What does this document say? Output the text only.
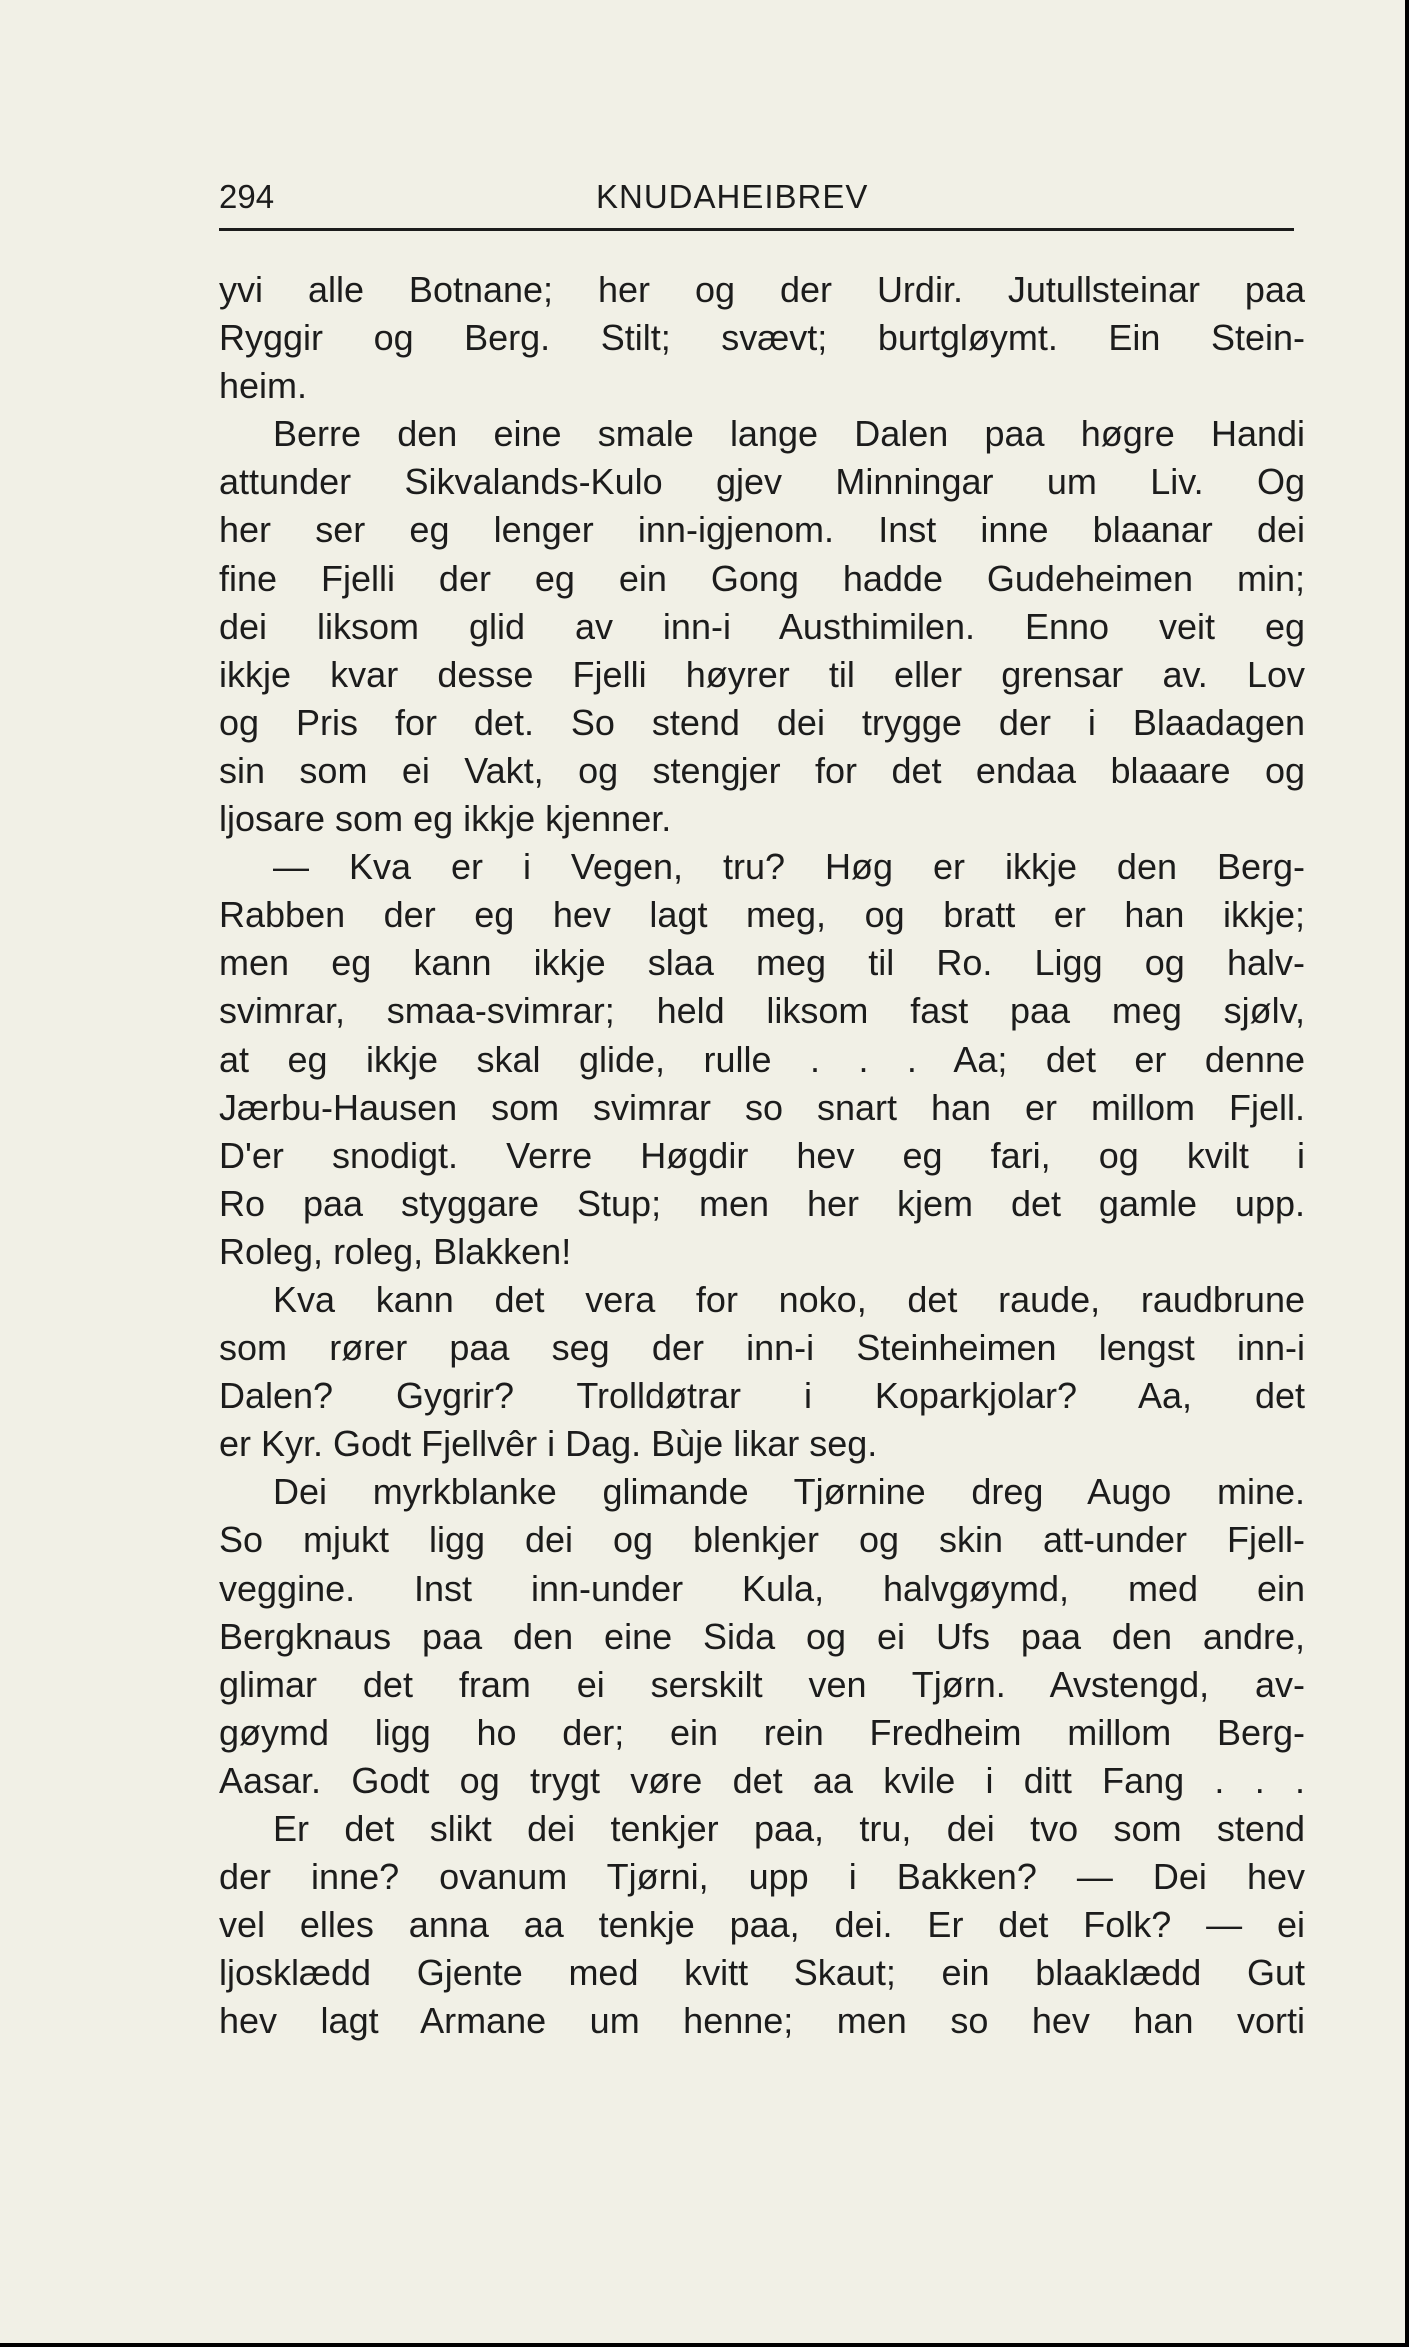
294	KNUDAHEIBREV
yvi alle Botnane; her og der Urdir. Jutullsteinar paa
Ryggir og Berg. Stilt; svævt; burtgløymt. Ein Stein-
heim.
Berre den eine smale lange Dalen paa høgre Handi
attunder Sikvalands-Kulo gjev Minningar um Liv. Og
her ser eg lenger inn-igjenom. Inst inne blaanar dei
fine Fjelli der eg ein Gong hadde Gudeheimen min;
dei liksom glid av inn-i Austhimilen. Enno veit eg
ikkje kvar desse Fjelli høyrer til eller grensar av. Lov
og Pris for det. So stend dei trygge der i Blaadagen
sin som ei Vakt, og stengjer for det endaa blaaare og
ljosare som eg ikkje kjenner.
— Kva er i Vegen, tru? Høg er ikkje den Berg-
Rabben der eg hev lagt meg, og bratt er han ikkje;
men eg kann ikkje slaa meg til Ro. Ligg og halv-
svimrar, smaa-svimrar; held liksom fast paa meg sjølv,
at eg ikkje skal glide, rulle . . . Aa; det er denne
Jærbu-Hausen som svimrar so snart han er millom Fjell.
D'er snodigt. Verre Høgdir hev eg fari, og kvilt i
Ro paa styggare Stup; men her kjem det gamle upp.
Roleg, roleg, Blakken!
Kva kann det vera for noko, det raude, raudbrune
som rører paa seg der inn-i Steinheimen lengst inn-i
Dalen? Gygrir? Trolldøtrar i Koparkjolar? Aa, det
er Kyr. Godt Fjellvêr i Dag. Bùje likar seg.
Dei myrkblanke glimande Tjørnine dreg Augo mine.
So mjukt ligg dei og blenkjer og skin att-under Fjell-
veggine. Inst inn-under Kula, halvgøymd, med ein
Bergknaus paa den eine Sida og ei Ufs paa den andre,
glimar det fram ei serskilt ven Tjørn. Avstengd, av-
gøymd ligg ho der; ein rein Fredheim millom Berg-
Aasar. Godt og trygt vøre det aa kvile i ditt Fang . . .
Er det slikt dei tenkjer paa, tru, dei tvo som stend
der inne? ovanum Tjørni, upp i Bakken? — Dei hev
vel elles anna aa tenkje paa, dei. Er det Folk? — ei
ljosklædd Gjente med kvitt Skaut; ein blaaklædd Gut
hev lagt Armane um henne; men so hev han vorti
